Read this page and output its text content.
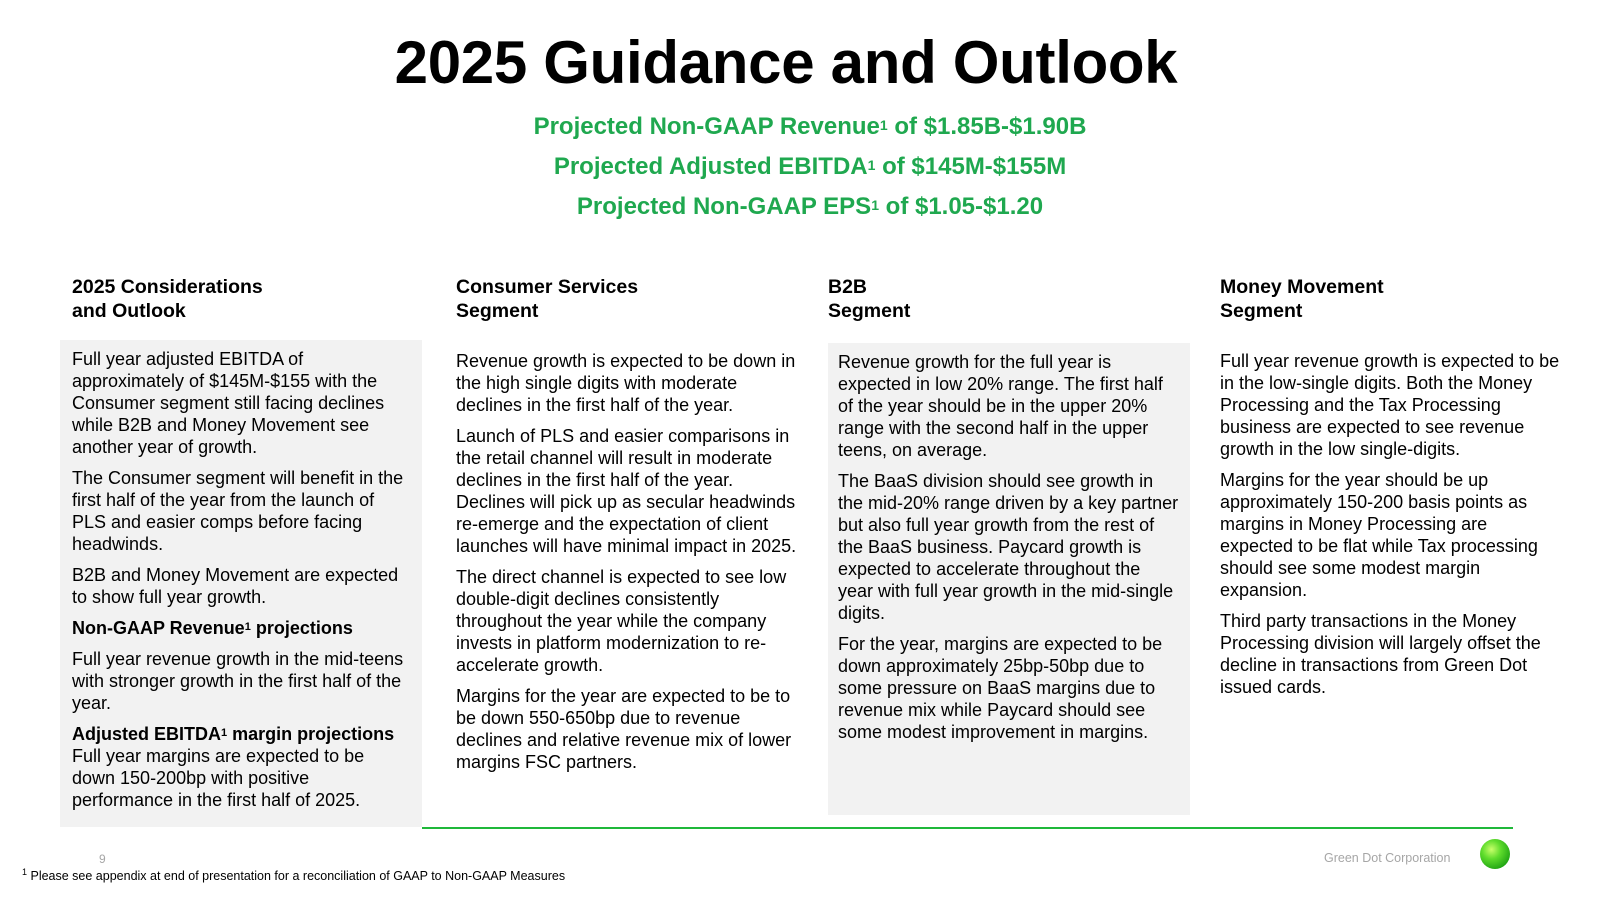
2025 Guidance and Outlook

Projected Non-GAAP Revenue$^1$ of $1.85B-$1.90B

Projected Adjusted EBITDA$^1$ of $145M-$155M

Projected Non-GAAP EPS$^1$ of $1.05-$1.20

2025 Considerations
and Outlook

Consumer Services
Segment

B2B
Segment

Money Movement
Segment

Full year adjusted EBITDA of approximately of $145M-$155 with the Consumer segment still facing declines while B2B and Money Movement see another year of growth.

The Consumer segment will benefit in the first half of the year from the launch of PLS and easier comps before facing headwinds.

B2B and Money Movement are expected to show full year growth.

Non-GAAP Revenue$^1$ projections

Full year revenue growth in the mid-teens with stronger growth in the first half of the year.

Adjusted EBITDA$^1$ margin projections

Full year margins are expected to be down 150-200bp with positive performance in the first half of 2025.

Revenue growth is expected to be down in the high single digits with moderate declines in the first half of the year.

Launch of PLS and easier comparisons in the retail channel will result in moderate declines in the first half of the year. Declines will pick up as secular headwinds re-emerge and the expectation of client launches will have minimal impact in 2025.

The direct channel is expected to see low double-digit declines consistently throughout the year while the company invests in platform modernization to re-accelerate growth.

Margins for the year are expected to be to be down 550-650bp due to revenue declines and relative revenue mix of lower margins FSC partners.

Revenue growth for the full year is expected in low 20% range. The first half of the year should be in the upper 20% range with the second half in the upper teens, on average.

The BaaS division should see growth in the mid-20% range driven by a key partner but also full year growth from the rest of the BaaS business. Paycard growth is expected to accelerate throughout the year with full year growth in the mid-single digits.

For the year, margins are expected to be down approximately 25bp-50bp due to some pressure on BaaS margins due to revenue mix while Paycard should see some modest improvement in margins.

Full year revenue growth is expected to be in the low-single digits. Both the Money Processing and the Tax Processing business are expected to see revenue growth in the low single-digits.

Margins for the year should be up approximately 150-200 basis points as margins in Money Processing are expected to be flat while Tax processing should see some modest margin expansion.

Third party transactions in the Money Processing division will largely offset the decline in transactions from Green Dot issued cards.

9
$^1$ Please see appendix at end of presentation for a reconciliation of GAAP to Non-GAAP Measures
Green Dot Corporation
